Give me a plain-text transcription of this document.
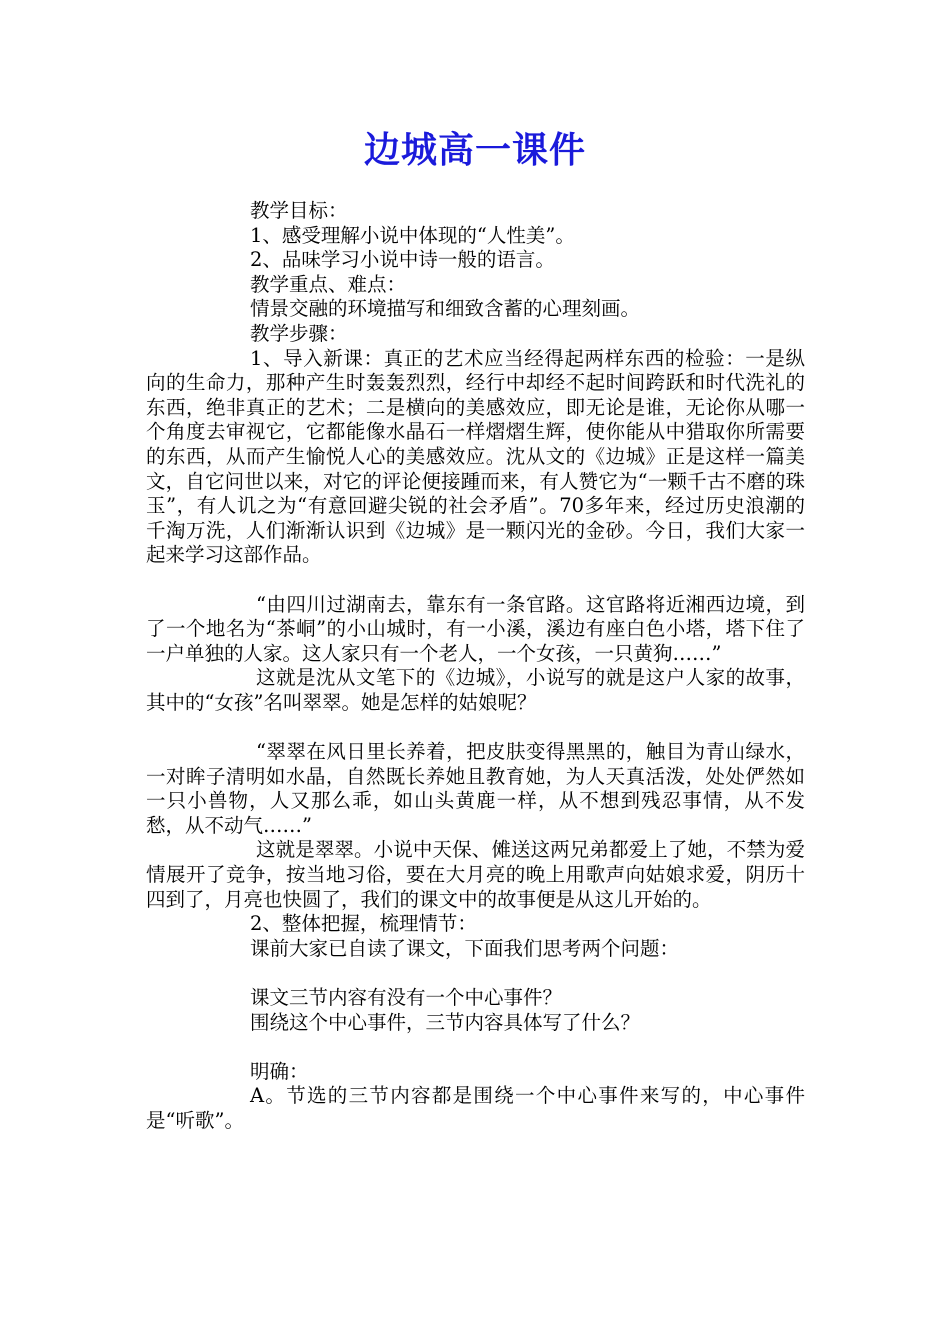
边城高一课件

教学目标：

1、感受理解小说中体现的“人性美”。

2、品味学习小说中诗一般的语言。

教学重点、难点：

情景交融的环境描写和细致含蓄的心理刻画。

教学步骤：

1、导入新课：真正的艺术应当经得起两样东西的检验：一是纵向的生命力，那种产生时轰轰烈烈，经行中却经不起时间跨跃和时代洗礼的东西，绝非真正的艺术；二是横向的美感效应，即无论是谁，无论你从哪一个角度去审视它，它都能像水晶石一样熠熠生辉，使你能从中猎取你所需要的东西，从而产生愉悦人心的美感效应。沈从文的《边城》正是这样一篇美文，自它问世以来，对它的评论便接踵而来，有人赞它为“一颗千古不磨的珠玉”，有人讥之为“有意回避尖锐的社会矛盾”。70多年来，经过历史浪潮的千淘万洗，人们渐渐认识到《边城》是一颗闪光的金砂。今日，我们大家一起来学习这部作品。

“由四川过湖南去，靠东有一条官路。这官路将近湘西边境，到了一个地名为“茶峒”的小山城时，有一小溪，溪边有座白色小塔，塔下住了一户单独的人家。这人家只有一个老人，一个女孩，一只黄狗……”

这就是沈从文笔下的《边城》，小说写的就是这户人家的故事，其中的“女孩”名叫翠翠。她是怎样的姑娘呢？

“翠翠在风日里长养着，把皮肤变得黑黑的，触目为青山绿水，一对眸子清明如水晶，自然既长养她且教育她，为人天真活泼，处处俨然如一只小兽物，人又那么乖，如山头黄鹿一样，从不想到残忍事情，从不发愁，从不动气……”

这就是翠翠。小说中天保、傩送这两兄弟都爱上了她，不禁为爱情展开了竞争，按当地习俗，要在大月亮的晚上用歌声向姑娘求爱，阴历十四到了，月亮也快圆了，我们的课文中的故事便是从这儿开始的。

2、整体把握，梳理情节：

课前大家已自读了课文，下面我们思考两个问题：

课文三节内容有没有一个中心事件？

围绕这个中心事件，三节内容具体写了什么？

明确：

A。节选的三节内容都是围绕一个中心事件来写的，中心事件是“听歌”。
